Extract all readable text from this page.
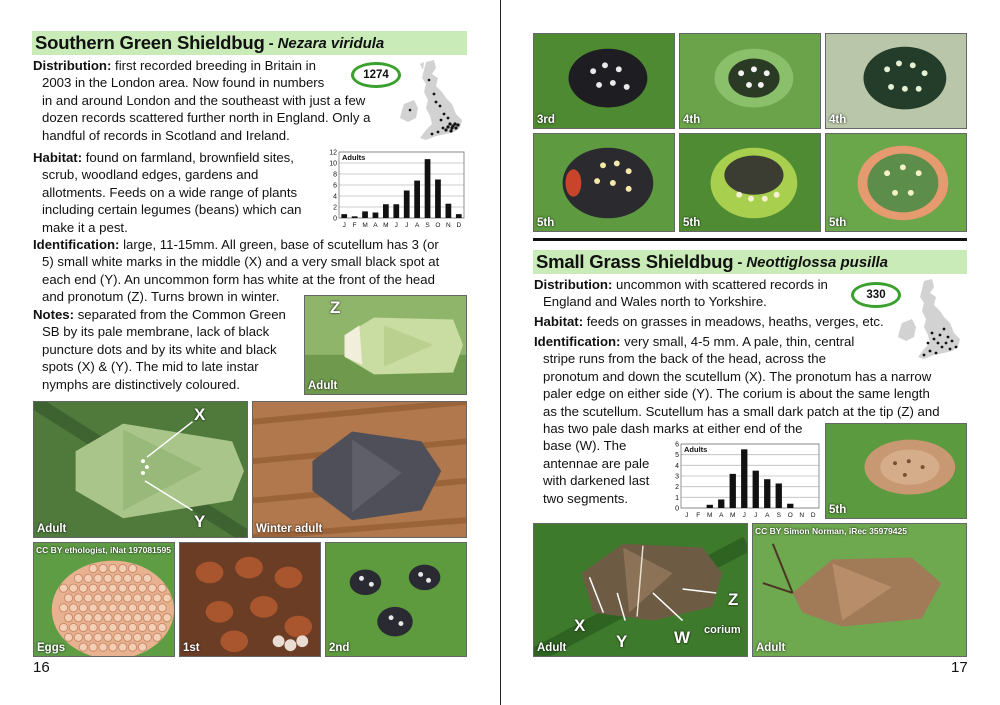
Southern Green Shieldbug - Nezara viridula
Distribution: first recorded breeding in Britain in
2003 in the London area. Now found in numbers
in and around London and the southeast with just a few
dozen records scattered further north in England. Only a
handful of records in Scotland and Ireland.
1274
Habitat: found on farmland, brownfield sites,
scrub, woodland edges, gardens and
allotments. Feeds on a wide range of plants
including certain legumes (beans) which can
make it a pest.
0
2
4
6
8
10
12 Adults
J F M A M J J A S O N D
Identification: large, 11-15mm. All green, base of scutellum has 3 (or
5) small white marks in the middle (X) and a very small black spot at
each end (Y). An uncommon form has white at the front of the head
and pronotum (Z). Turns brown in winter.
Notes: separated from the Common Green
SB by its pale membrane, lack of black
puncture dots and by its white and black
spots (X) & (Y). The mid to late instar
nymphs are distinctively coloured.
Z
Adult
X
Y
Adult	Winter adult
CC BY ethologist, iNat 197081595
Eggs	1st	2nd
16
3rd	4th	4th
5th	5th	5th
Small Grass Shieldbug - Neottiglossa pusilla
Distribution: uncommon with scattered records in
England and Wales north to Yorkshire.	330
Habitat: feeds on grasses in meadows, heaths, verges, etc.
Identification: very small, 4-5 mm. A pale, thin, central
stripe runs from the back of the head, across the
pronotum and down the scutellum (X). The pronotum has a narrow
paler edge on either side (Y). The corium is about the same length
as the scutellum. Scutellum has a small dark patch at the tip (Z) and
has two pale dash marks at either end of the
base (W). The
antennae are pale
with darkened last
two segments.
0
1
2
3
4
5
6 Adults
J F M A M J J A S O N D 5th
X
Y	W
Z
corium
Adult
CC BY Simon Norman, iRec 35979425
Adult
17
